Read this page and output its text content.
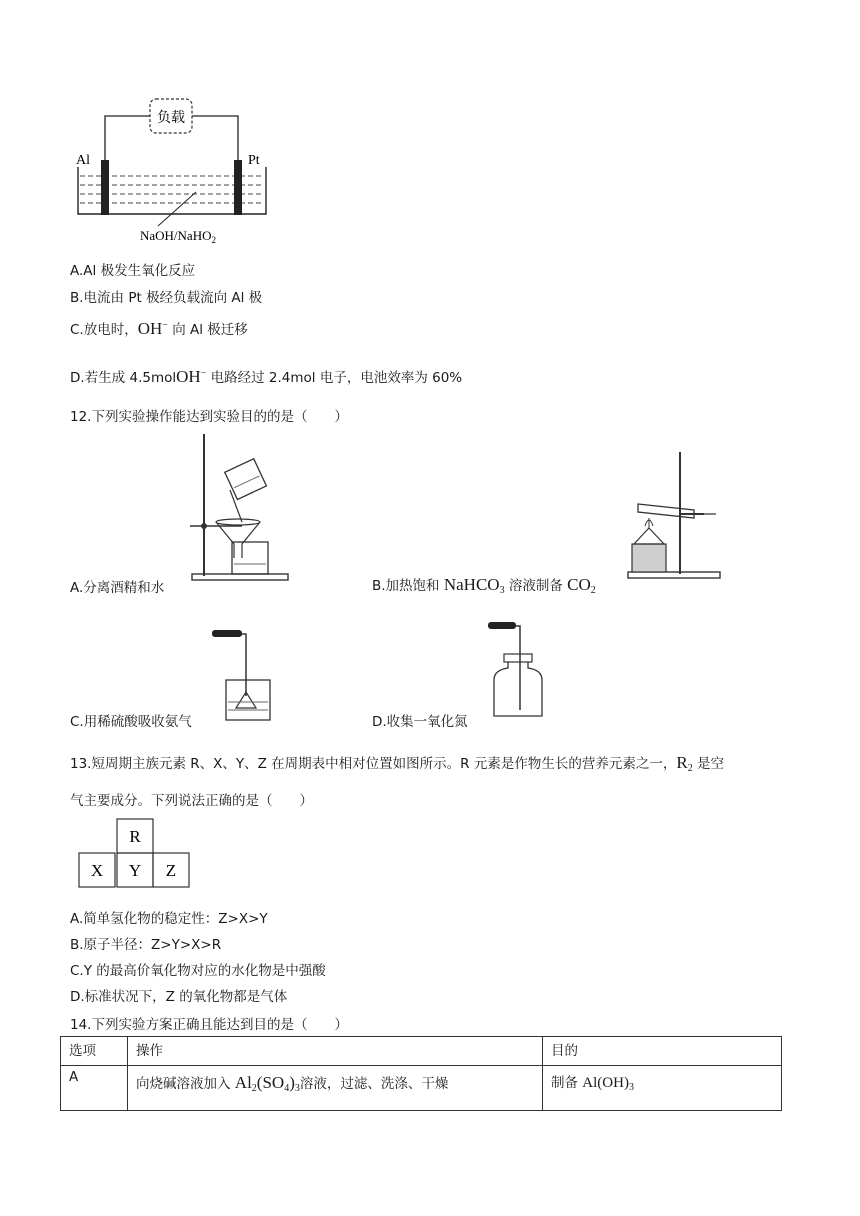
负载
Al	Pt
NaOH/NaHO$_2$
A.Al 极发生氧化反应
B.电流由 Pt 极经负载流向 Al 极
C.放电时，OH− 向 Al 极迁移
D.若生成 4.5molOH− 电路经过 2.4mol 电子，电池效率为 60%
12.下列实验操作能达到实验目的的是（　　）
A.分离酒精和水	B.加热饱和 NaHCO$_3$ 溶液制备 $CO_2$
C.用稀硫酸吸收氨气	D.收集一氧化氮
13.短周期主族元素 R、X、Y、Z 在周期表中相对位置如图所示。R 元素是作物生长的营养元素之一，$R_2$ 是空
气主要成分。下列说法正确的是（　　）
R
X Y Z
A.简单氢化物的稳定性：Z>X>Y
B.原子半径：Z>Y>X>R
C.Y 的最高价氧化物对应的水化物是中强酸
D.标准状况下，Z 的氧化物都是气体
14.下列实验方案正确且能达到目的是（　　）
选项	操作	目的
A	向烧碱溶液加入 $Al_2(SO_4)_3$溶液，过滤、洗涤、干燥	制备 $Al(OH)_3$
